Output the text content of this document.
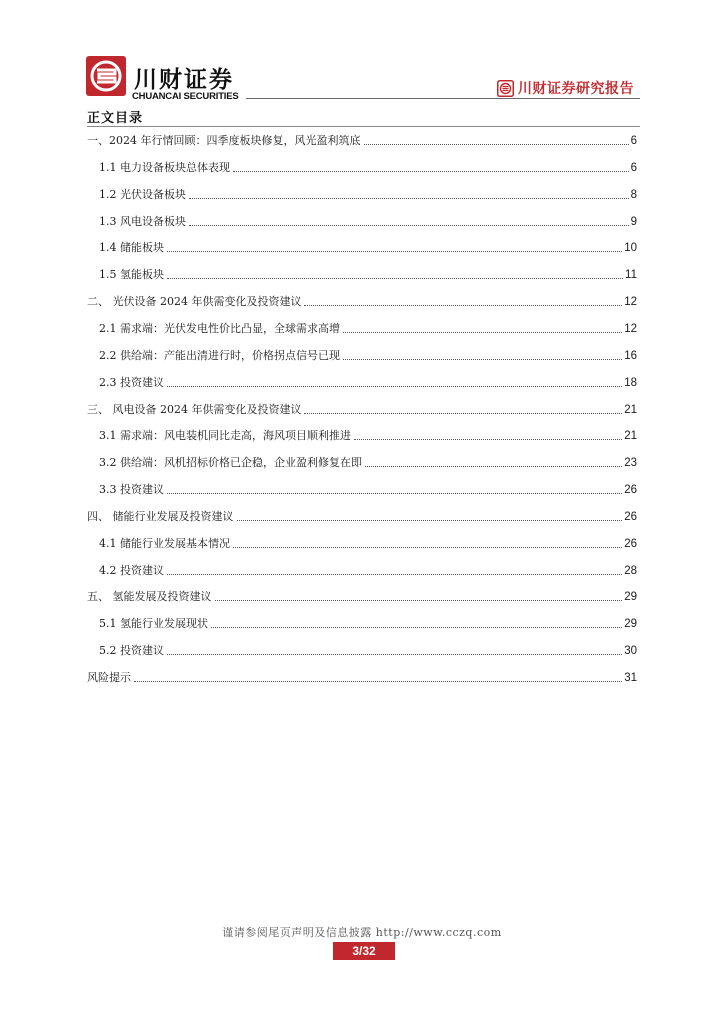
川财证券
CHUANCAI SECURITIES	川财证券研究报告
正文目录
一、2024 年行情回顾：四季度板块修复，风光盈利筑底	6
1.1 电力设备板块总体表现	6
1.2 光伏设备板块	8
1.3 风电设备板块	9
1.4 储能板块	10
1.5 氢能板块	11
二、 光伏设备 2024 年供需变化及投资建议	12
2.1 需求端：光伏发电性价比凸显，全球需求高增	12
2.2 供给端：产能出清进行时，价格拐点信号已现	16
2.3 投资建议	18
三、 风电设备 2024 年供需变化及投资建议	21
3.1 需求端：风电装机同比走高，海风项目顺利推进	21
3.2 供给端：风机招标价格已企稳，企业盈利修复在即	23
3.3 投资建议	26
四、 储能行业发展及投资建议	26
4.1 储能行业发展基本情况	26
4.2 投资建议	28
五、 氢能发展及投资建议	29
5.1 氢能行业发展现状	29
5.2 投资建议	30
风险提示	31
谨请参阅尾页声明及信息披露 http://www.cczq.com
3/32
